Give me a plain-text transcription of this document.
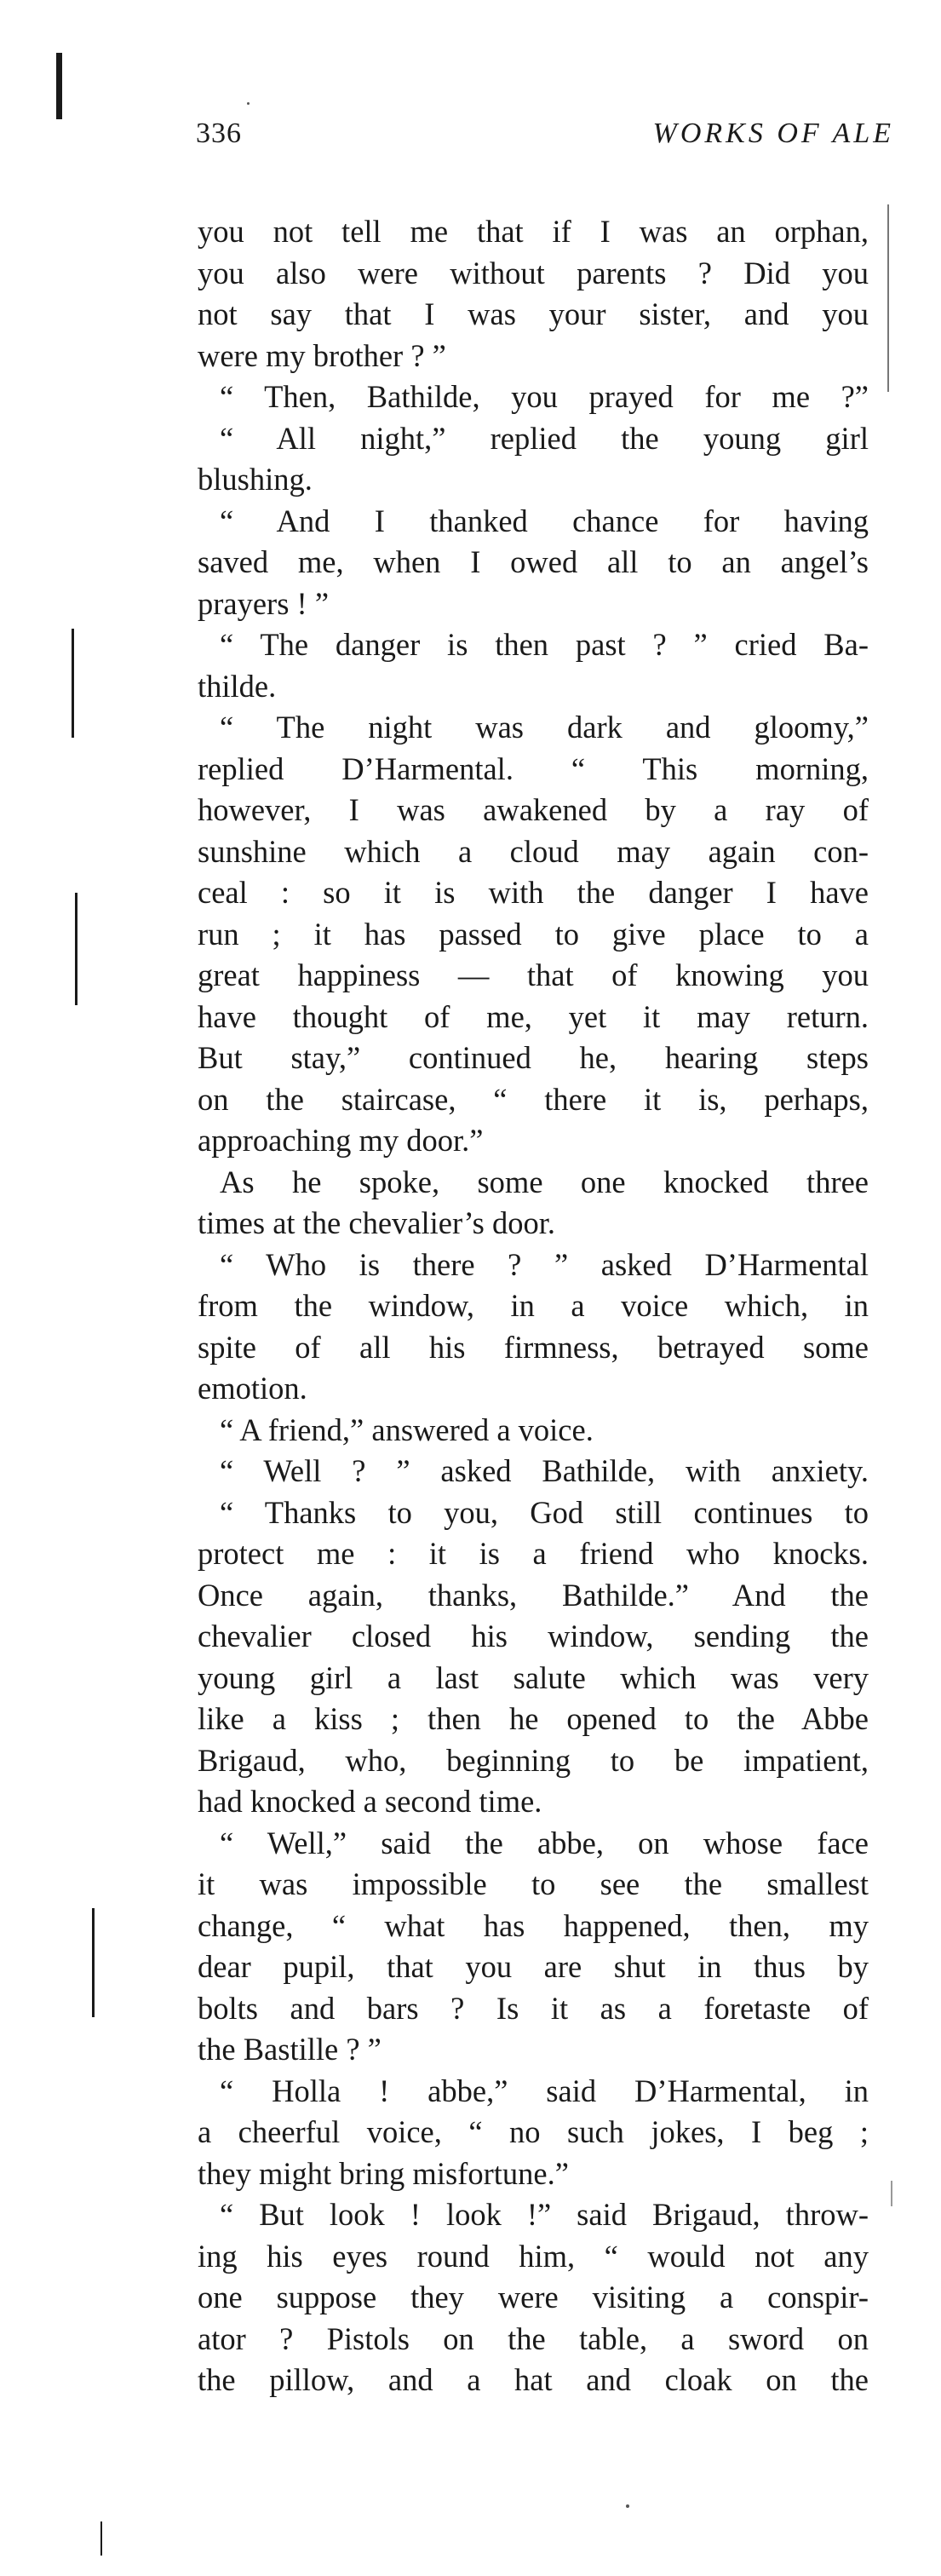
336	WORKS OF ALE
you not tell me that if I was an orphan,
you also were without parents ? Did you
not say that I was your sister, and you
were my brother ? ”
“ Then, Bathilde, you prayed for me ?”
“ All night,” replied the young girl
blushing.
“ And I thanked chance for having
saved me, when I owed all to an angel’s
prayers ! ”
“ The danger is then past ? ” cried Ba-
thilde.
“ The night was dark and gloomy,”
replied D’Harmental. “ This morning,
however, I was awakened by a ray of
sunshine which a cloud may again con-
ceal : so it is with the danger I have
run ; it has passed to give place to a
great happiness — that of knowing you
have thought of me, yet it may return.
But stay,” continued he, hearing steps
on the staircase, “ there it is, perhaps,
approaching my door.”
As he spoke, some one knocked three
times at the chevalier’s door.
“ Who is there ? ” asked D’Harmental
from the window, in a voice which, in
spite of all his firmness, betrayed some
emotion.
“ A friend,” answered a voice.
“ Well ? ” asked Bathilde, with anxiety.
“ Thanks to you, God still continues to
protect me : it is a friend who knocks.
Once again, thanks, Bathilde.” And the
chevalier closed his window, sending the
young girl a last salute which was very
like a kiss ; then he opened to the Abbe
Brigaud, who, beginning to be impatient,
had knocked a second time.
“ Well,” said the abbe, on whose face
it was impossible to see the smallest
change, “ what has happened, then, my
dear pupil, that you are shut in thus by
bolts and bars ? Is it as a foretaste of
the Bastille ? ”
“ Holla ! abbe,” said D’Harmental, in
a cheerful voice, “ no such jokes, I beg ;
they might bring misfortune.”
“ But look ! look !” said Brigaud, throw-
ing his eyes round him, “ would not any
one suppose they were visiting a conspir-
ator ? Pistols on the table, a sword on
the pillow, and a hat and cloak on the
